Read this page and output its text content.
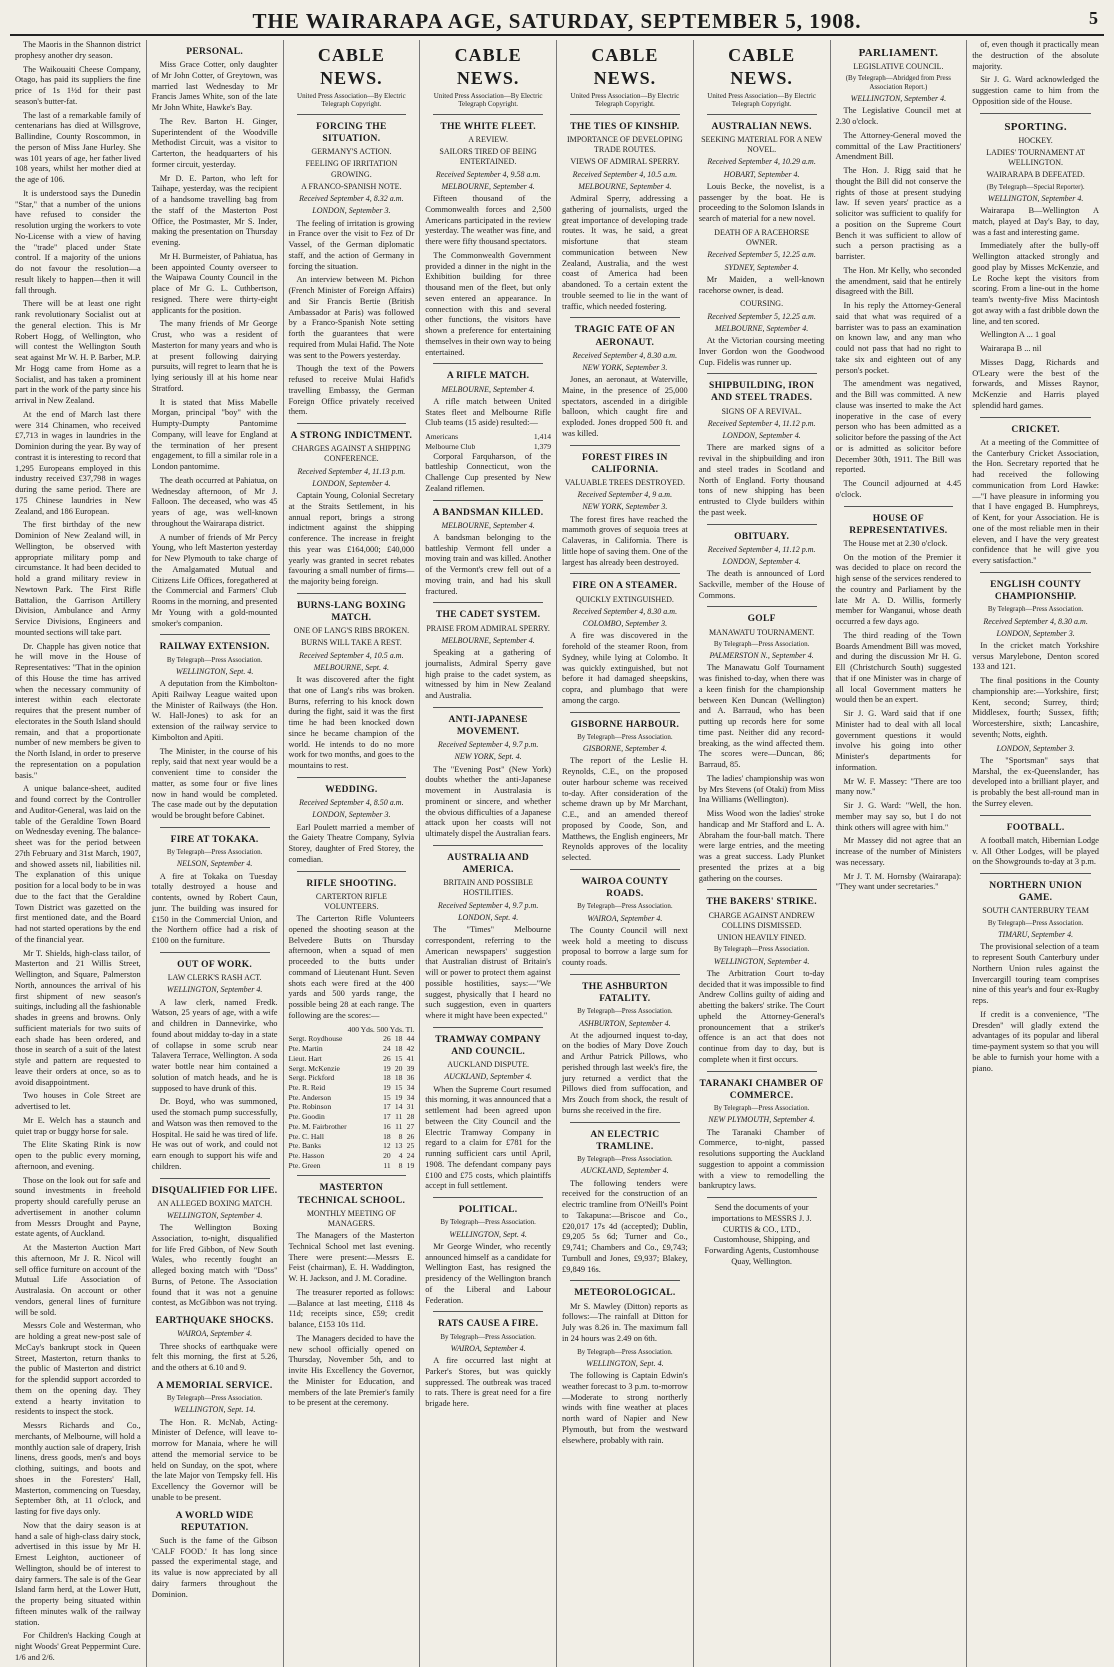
THE WAIRARAPA AGE, SATURDAY, SEPTEMBER 5, 1908.	5

The Maoris in the Shannon district prophesy another dry season.

The Waikouaiti Cheese Company, Otago, has paid its suppliers the fine price of 1s 1½d for their past season's butter-fat.

The last of a remarkable family of centenarians has died at Willsgrove, Ballindine, County Roscommon, in the person of Miss Jane Hurley. She was 101 years of age, her father lived 108 years, whilst her mother died at the age of 106.

It is understood says the Dunedin "Star," that a number of the unions have refused to consider the resolution urging the workers to vote No-License with a view of having the "trade" placed under State control. If a majority of the unions do not favour the resolution—a result likely to happen—then it will fall through.

There will be at least one right rank revolutionary Socialist out at the general election. This is Mr Robert Hogg, of Wellington, who will contest the Wellington South seat against Mr W. H. P. Barber, M.P. Mr Hogg came from Home as a Socialist, and has taken a prominent part in the work of the party since his arrival in New Zealand.

At the end of March last there were 314 Chinamen, who received £7,713 in wages in laundries in the Dominion during the year. By way of contrast it is interesting to record that 1,295 Europeans employed in this industry received £37,798 in wages during the same period. There are 175 Chinese laundries in New Zealand, and 186 European.

The first birthday of the new Dominion of New Zealand will, in Wellington, be observed with appropriate military pomp and circumstance. It had been decided to hold a grand military review in Newtown Park. The First Rifle Battalion, the Garrison Artillery Division, Ambulance and Army Service Divisions, Engineers and mounted sections will take part.

Dr. Chapple has given notice that he will move in the House of Representatives: "That in the opinion of this House the time has arrived when the necessary community of interest within each electorate requires that the present number of electorates in the South Island should remain, and that a proportionate number of new members be given to the North Island, in order to preserve the representation on a population basis."

A unique balance-sheet, audited and found correct by the Controller and Auditor-General, was laid on the table of the Geraldine Town Board on Wednesday evening. The balance-sheet was for the period between 27th February and 31st March, 1907, and showed assets nil, liabilities nil. The explanation of this unique position for a local body to be in was due to the fact that the Geraldine Town District was gazetted on the first mentioned date, and the Board had not started operations by the end of the financial year.

Mr T. Shields, high-class tailor, of Masterton and 21 Willis Street, Wellington, and Square, Palmerston North, announces the arrival of his first shipment of new season's suitings, including all the fashionable shades in greens and browns. Only sufficient materials for two suits of each shade has been ordered, and those in search of a suit of the latest style and pattern are requested to leave their orders at once, so as to avoid disappointment.

Two houses in Cole Street are advertised to let.

Mr E. Welch has a staunch and quiet trap or buggy horse for sale.

The Elite Skating Rink is now open to the public every morning, afternoon, and evening.

Those on the look out for safe and sound investments in freehold property should carefully peruse an advertisement in another column from Messrs Drought and Payne, estate agents, of Auckland.

At the Masterton Auction Mart this afternoon, Mr J. R. Nicol will sell office furniture on account of the Mutual Life Association of Australasia. On account or other vendors, general lines of furniture will be sold.

Messrs Cole and Westerman, who are holding a great new-post sale of McCay's bankrupt stock in Queen Street, Masterton, return thanks to the public of Masterton and district for the splendid support accorded to them on the opening day. They extend a hearty invitation to residents to inspect the stock.

Messrs Richards and Co., merchants, of Melbourne, will hold a monthly auction sale of drapery, Irish linens, dress goods, men's and boys clothing, suitings, and boots and shoes in the Foresters' Hall, Masterton, commencing on Tuesday, September 8th, at 11 o'clock, and lasting for five days only.

Now that the dairy season is at hand a sale of high-class dairy stock, advertised in this issue by Mr H. Ernest Leighton, auctioneer of Wellington, should be of interest to dairy farmers. The sale is of the Gear Island farm herd, at the Lower Hutt, the property being situated within fifteen minutes walk of the railway station.

For Children's Hacking Cough at night Woods' Great Peppermint Cure. 1/6 and 2/6.

PERSONAL.

Miss Grace Cotter, only daughter of Mr John Cotter, of Greytown, was married last Wednesday to Mr Francis James White, son of the late Mr John White, Hawke's Bay.

The Rev. Barton H. Ginger, Superintendent of the Woodville Methodist Circuit, was a visitor to Carterton, the headquarters of his former circuit, yesterday.

Mr D. E. Parton, who left for Taihape, yesterday, was the recipient of a handsome travelling bag from the staff of the Masterton Post Office, the Postmaster, Mr S. Inder, making the presentation on Thursday evening.

Mr H. Burmeister, of Pahiatua, has been appointed County overseer to the Waipawa County Council in the place of Mr G. L. Cuthbertson, resigned. There were thirty-eight applicants for the position.

The many friends of Mr George Crust, who was a resident of Masterton for many years and who is at present following dairying pursuits, will regret to learn that he is lying seriously ill at his home near Stratford.

It is stated that Miss Mabelle Morgan, principal "boy" with the Humpty-Dumpty Pantomime Company, will leave for England at the termination of her present engagement, to fill a similar role in a London pantomime.

The death occurred at Pahiatua, on Wednesday afternoon, of Mr J. Falloon. The deceased, who was 45 years of age, was well-known throughout the Wairarapa district.

A number of friends of Mr Percy Young, who left Masterton yesterday for New Plymouth to take charge of the Amalgamated Mutual and Citizens Life Offices, foregathered at the Commercial and Farmers' Club Rooms in the morning, and presented Mr Young with a gold-mounted smoker's companion.

RAILWAY EXTENSION.
By Telegraph—Press Association.
WELLINGTON, Sept. 4.

A deputation from the Kimbolton-Apiti Railway League waited upon the Minister of Railways (the Hon. W. Hall-Jones) to ask for an extension of the railway service to Kimbolton and Apiti.

The Minister, in the course of his reply, said that next year would be a convenient time to consider the matter, as some four or five lines now in hand would be completed. The case made out by the deputation would be brought before Cabinet.

FIRE AT TOKAKA.
By Telegraph—Press Association.
NELSON, September 4.

A fire at Tokaka on Tuesday totally destroyed a house and contents, owned by Robert Caun, junr. The building was insured for £150 in the Commercial Union, and the Northern office had a risk of £100 on the furniture.

OUT OF WORK.
LAW CLERK'S RASH ACT.
WELLINGTON, September 4.

A law clerk, named Fredk. Watson, 25 years of age, with a wife and children in Dannevirke, who found about midday to-day in a state of collapse in some scrub near Talavera Terrace, Wellington. A soda water bottle near him contained a solution of match heads, and he is supposed to have drunk of this.

Dr. Boyd, who was summoned, used the stomach pump successfully, and Watson was then removed to the Hospital. He said he was tired of life. He was out of work, and could not earn enough to support his wife and children.

DISQUALIFIED FOR LIFE.
AN ALLEGED BOXING MATCH.
WELLINGTON, September 4.

The Wellington Boxing Association, to-night, disqualified for life Fred Gibbon, of New South Wales, who recently fought an alleged boxing match with "Doss" Burns, of Petone. The Association found that it was not a genuine contest, as McGibbon was not trying.

EARTHQUAKE SHOCKS.
WAIROA, September 4.

Three shocks of earthquake were felt this morning, the first at 5.26, and the others at 6.10 and 9.

A MEMORIAL SERVICE.
By Telegraph—Press Association.
WELLINGTON, Sept. 14.

The Hon. R. McNab, Acting-Minister of Defence, will leave to-morrow for Manaia, where he will attend the memorial service to be held on Sunday, on the spot, where the late Major von Tempsky fell. His Excellency the Governor will be unable to be present.

A WORLD WIDE REPUTATION.

Such is the fame of the Gibson 'CALF FOOD.' It has long since passed the experimental stage, and its value is now appreciated by all dairy farmers throughout the Dominion.

CABLE NEWS.
United Press Association—By Electric Telegraph Copyright.
FORCING THE SITUATION.
GERMANY'S ACTION.
FEELING OF IRRITATION GROWING.
A FRANCO-SPANISH NOTE.
Received September 4, 8.32 a.m.
LONDON, September 3.

The feeling of irritation is growing in France over the visit to Fez of Dr Vassel, of the German diplomatic staff, and the action of Germany in forcing the situation.

An interview between M. Pichon (French Minister of Foreign Affairs) and Sir Francis Bertie (British Ambassador at Paris) was followed by a Franco-Spanish Note setting forth the guarantees that were required from Mulai Hafid. The Note was sent to the Powers yesterday.

Though the text of the Powers refused to receive Mulai Hafid's travelling Embassy, the German Foreign Office privately received them.

A STRONG INDICTMENT.
CHARGES AGAINST A SHIPPING CONFERENCE.
Received September 4, 11.13 p.m.
LONDON, September 4.

Captain Young, Colonial Secretary at the Straits Settlement, in his annual report, brings a strong indictment against the shipping conference. The increase in freight this year was £164,000; £40,000 yearly was granted in secret rebates favouring a small number of firms—the majority being foreign.

BURNS-LANG BOXING MATCH.
ONE OF LANG'S RIBS BROKEN.
BURNS WILL TAKE A REST.
Received September 4, 10.5 a.m.
MELBOURNE, Sept. 4.

It was discovered after the fight that one of Lang's ribs was broken. Burns, referring to his knock down during the fight, said it was the first time he had been knocked down since he became champion of the world. He intends to do no more work for two months, and goes to the mountains to rest.

WEDDING.
Received September 4, 8.50 a.m.
LONDON, September 3.

Earl Poulett married a member of the Gaiety Theatre Company, Sylvia Storey, daughter of Fred Storey, the comedian.

RIFLE SHOOTING.
CARTERTON RIFLE VOLUNTEERS.

The Carterton Rifle Volunteers opened the shooting season at the Belvedere Butts on Thursday afternoon, when a squad of men proceeded to the butts under command of Lieutenant Hunt. Seven shots each were fired at the 400 yards and 500 yards range, the possible being 28 at each range. The following are the scores:—

400 Yds. 500 Yds. Tl.
Sergt. Roydhouse	26	18	44
Pte. Martin	24	18	42
Lieut. Hart	26	15	41
Sergt. McKenzie	19	20	39
Sergt. Pickford	18	18	36
Pte. R. Reid	19	15	34
Pte. Anderson	15	19	34
Pte. Robinson	17	14	31
Pte. Goodin	17	11	28
Pte. M. Fairbrother	16	11	27
Pte. C. Hall	18	8	26
Pte. Banks	12	13	25
Pte. Hasson	20	4	24
Pte. Green	11	8	19
MASTERTON TECHNICAL SCHOOL.
MONTHLY MEETING OF MANAGERS.

The Managers of the Masterton Technical School met last evening. There were present:—Messrs E. Feist (chairman), E. H. Waddington, W. H. Jackson, and J. M. Coradine.

The treasurer reported as follows:—Balance at last meeting, £118 4s 11d; receipts since, £59; credit balance, £153 10s 11d.

The Managers decided to have the new school officially opened on Thursday, November 5th, and to invite His Excellency the Governor, the Minister for Education, and members of the late Premier's family to be present at the ceremony.

CABLE NEWS.
United Press Association—By Electric Telegraph Copyright.
THE WHITE FLEET.
A REVIEW.
SAILORS TIRED OF BEING ENTERTAINED.
Received September 4, 9.58 a.m.
MELBOURNE, September 4.

Fifteen thousand of the Commonwealth forces and 2,500 Americans participated in the review yesterday. The weather was fine, and there were fifty thousand spectators.

The Commonwealth Government provided a dinner in the night in the Exhibition building for three thousand men of the fleet, but only seven entered an appearance. In connection with this and several other functions, the visitors have shown a preference for entertaining themselves in their own way to being entertained.

A RIFLE MATCH.
MELBOURNE, September 4.

A rifle match between United States fleet and Melbourne Rifle Club teams (15 aside) resulted:—

Americans	1,414
Melbourne Club	1,379

Corporal Farquharson, of the battleship Connecticut, won the Challenge Cup presented by New Zealand riflemen.

A BANDSMAN KILLED.
MELBOURNE, September 4.

A bandsman belonging to the battleship Vermont fell under a moving train and was killed. Another of the Vermont's crew fell out of a moving train, and had his skull fractured.

THE CADET SYSTEM.
PRAISE FROM ADMIRAL SPERRY.
MELBOURNE, September 4.

Speaking at a gathering of journalists, Admiral Sperry gave high praise to the cadet system, as witnessed by him in New Zealand and Australia.

ANTI-JAPANESE MOVEMENT.
Received September 4, 9.7 p.m.
NEW YORK, Sept. 4.

The "Evening Post" (New York) doubts whether the anti-Japanese movement in Australasia is prominent or sincere, and whether the obvious difficulties of a Japanese attack upon her coasts will not ultimately dispel the Australian fears.

AUSTRALIA AND AMERICA.
BRITAIN AND POSSIBLE HOSTILITIES.
Received September 4, 9.7 p.m.
LONDON, Sept. 4.

The "Times" Melbourne correspondent, referring to the American newspapers' suggestion that Australian distrust of Britain's will or power to protect them against possible hostilities, says:—"We suggest, physically that I heard no such suggestion, even in quarters where it might have been expected."

TRAMWAY COMPANY AND COUNCIL.
AUCKLAND DISPUTE.
AUCKLAND, September 4.

When the Supreme Court resumed this morning, it was announced that a settlement had been agreed upon between the City Council and the Electric Tramway Company in regard to a claim for £781 for the running sufficient cars until April, 1908. The defendant company pays £100 and £75 costs, which plaintiffs accept in full settlement.

POLITICAL.
By Telegraph—Press Association.
WELLINGTON, Sept. 4.

Mr George Winder, who recently announced himself as a candidate for Wellington East, has resigned the presidency of the Wellington branch of the Liberal and Labour Federation.

RATS CAUSE A FIRE.
By Telegraph—Press Association.
WAIROA, September 4.

A fire occurred last night at Parker's Stores, but was quickly suppressed. The outbreak was traced to rats. There is great need for a fire brigade here.

CABLE NEWS.
United Press Association—By Electric Telegraph Copyright.
THE TIES OF KINSHIP.
IMPORTANCE OF DEVELOPING TRADE ROUTES.
VIEWS OF ADMIRAL SPERRY.
Received September 4, 10.5 a.m.
MELBOURNE, September 4.

Admiral Sperry, addressing a gathering of journalists, urged the great importance of developing trade routes. It was, he said, a great misfortune that steam communication between New Zealand, Australia, and the west coast of America had been abandoned. To a certain extent the trouble seemed to lie in the want of traffic, which needed fostering.

TRAGIC FATE OF AN AERONAUT.
Received September 4, 8.30 a.m.
NEW YORK, September 3.

Jones, an aeronaut, at Waterville, Maine, in the presence of 25,000 spectators, ascended in a dirigible balloon, which caught fire and exploded. Jones dropped 500 ft. and was killed.

FOREST FIRES IN CALIFORNIA.
VALUABLE TREES DESTROYED.
Received September 4, 9 a.m.
NEW YORK, September 3.

The forest fires have reached the mammoth groves of sequoia trees at Calaveras, in California. There is little hope of saving them. One of the largest has already been destroyed.

FIRE ON A STEAMER.
QUICKLY EXTINGUISHED.
Received September 4, 8.30 a.m.
COLOMBO, September 3.

A fire was discovered in the forehold of the steamer Roon, from Sydney, while lying at Colombo. It was quickly extinguished, but not before it had damaged sheepskins, copra, and plumbago that were among the cargo.

GISBORNE HARBOUR.
By Telegraph—Press Association.
GISBORNE, September 4.

The report of the Leslie H. Reynolds, C.E., on the proposed outer harbour scheme was received to-day. After consideration of the scheme drawn up by Mr Marchant, C.E., and an amended thereof proposed by Coode, Son, and Matthews, the English engineers, Mr Reynolds approves of the locality selected.

WAIROA COUNTY ROADS.
By Telegraph—Press Association.
WAIROA, September 4.

The County Council will next week hold a meeting to discuss proposal to borrow a large sum for county roads.

THE ASHBURTON FATALITY.
By Telegraph—Press Association.
ASHBURTON, September 4.

At the adjourned inquest to-day, on the bodies of Mary Dove Zouch and Arthur Patrick Pillows, who perished through last week's fire, the jury returned a verdict that the Pillows died from suffocation, and Mrs Zouch from shock, the result of burns she received in the fire.

AN ELECTRIC TRAMLINE.
By Telegraph—Press Association.
AUCKLAND, September 4.

The following tenders were received for the construction of an electric tramline from O'Neill's Point to Takapuna:—Briscoe and Co., £20,017 17s 4d (accepted); Dublin, £9,205 5s 6d; Turner and Co., £9,741; Chambers and Co., £9,743; Turnbull and Jones, £9,937; Blakey, £9,849 16s.

METEOROLOGICAL.

Mr S. Mawley (Ditton) reports as follows:—The rainfall at Ditton for July was 8.26 in. The maximum fall in 24 hours was 2.49 on 6th.

By Telegraph—Press Association.
WELLINGTON, Sept. 4.

The following is Captain Edwin's weather forecast to 3 p.m. to-morrow—Moderate to strong northerly winds with fine weather at places north ward of Napier and New Plymouth, but from the westward elsewhere, probably with rain.

CABLE NEWS.
United Press Association—By Electric Telegraph Copyright.
AUSTRALIAN NEWS.
SEEKING MATERIAL FOR A NEW NOVEL.
Received September 4, 10.29 a.m.
HOBART, September 4.

Louis Becke, the novelist, is a passenger by the boat. He is proceeding to the Solomon Islands in search of material for a new novel.

DEATH OF A RACEHORSE OWNER.
Received September 5, 12.25 a.m.
SYDNEY, September 4.

Mr Maiden, a well-known racehorse owner, is dead.

COURSING.
Received September 5, 12.25 a.m.
MELBOURNE, September 4.

At the Victorian coursing meeting Inver Gordon won the Goodwood Cup. Fidelis was runner up.

SHIPBUILDING, IRON AND STEEL TRADES.
SIGNS OF A REVIVAL.
Received September 4, 11.12 p.m.
LONDON, September 4.

There are marked signs of a revival in the shipbuilding and iron and steel trades in Scotland and North of England. Forty thousand tons of new shipping has been entrusted to Clyde builders within the past week.

OBITUARY.
Received September 4, 11.12 p.m.
LONDON, September 4.

The death is announced of Lord Sackville, member of the House of Commons.

GOLF
MANAWATU TOURNAMENT.
By Telegraph—Press Association.
PALMERSTON N., September 4.

The Manawatu Golf Tournament was finished to-day, when there was a keen finish for the championship between Ken Duncan (Wellington) and A. Barraud, who has been putting up records here for some time past. Neither did any record-breaking, as the wind affected them. The scores were—Duncan, 86; Barraud, 85.

The ladies' championship was won by Mrs Stevens (of Otaki) from Miss Ina Williams (Wellington).

Miss Wood won the ladies' stroke handicap and Mr Stafford and L. A. Abraham the four-ball match. There were large entries, and the meeting was a great success. Lady Plunket presented the prizes at a big gathering on the courses.

THE BAKERS' STRIKE.
CHARGE AGAINST ANDREW COLLINS DISMISSED.
UNION HEAVILY FINED.
By Telegraph—Press Association.
WELLINGTON, September 4.

The Arbitration Court to-day decided that it was impossible to find Andrew Collins guilty of aiding and abetting the bakers' strike. The Court upheld the Attorney-General's pronouncement that a striker's offence is an act that does not continue from day to day, but is complete when it first occurs.

TARANAKI CHAMBER OF COMMERCE.
By Telegraph—Press Association.
NEW PLYMOUTH, September 4.

The Taranaki Chamber of Commerce, to-night, passed resolutions supporting the Auckland suggestion to appoint a commission with a view to remodelling the bankruptcy laws.

Send the documents of your importations to MESSRS J. J. CURTIS & CO., LTD., Customhouse, Shipping, and Forwarding Agents, Customhouse Quay, Wellington.

PARLIAMENT.
LEGISLATIVE COUNCIL.
(By Telegraph—Abridged from Press Association Report.)
WELLINGTON, September 4.

The Legislative Council met at 2.30 o'clock.

The Attorney-General moved the committal of the Law Practitioners' Amendment Bill.

The Hon. J. Rigg said that he thought the Bill did not conserve the rights of those at present studying law. If seven years' practice as a solicitor was sufficient to qualify for a position on the Supreme Court Bench it was sufficient to allow of such a person practising as a barrister.

The Hon. Mr Kelly, who seconded the amendment, said that he entirely disagreed with the Bill.

In his reply the Attorney-General said that what was required of a barrister was to pass an examination on known law, and any man who could not pass that had no right to take six and eighteen out of any person's pocket.

The amendment was negatived, and the Bill was committed. A new clause was inserted to make the Act inoperative in the case of every person who has been admitted as a solicitor before the passing of the Act or is admitted as solicitor before December 30th, 1911. The Bill was reported.

The Council adjourned at 4.45 o'clock.

HOUSE OF REPRESENTATIVES.

The House met at 2.30 o'clock.

On the motion of the Premier it was decided to place on record the high sense of the services rendered to the country and Parliament by the late Mr A. D. Willis, formerly member for Wanganui, whose death occurred a few days ago.

The third reading of the Town Boards Amendment Bill was moved, and during the discussion Mr H. G. Ell (Christchurch South) suggested that if one Minister was in charge of all local Government matters he would then be an expert.

Sir J. G. Ward said that if one Minister had to deal with all local government questions it would involve his going into other Minister's departments for information.

Mr W. F. Massey: "There are too many now."

Sir J. G. Ward: "Well, the hon. member may say so, but I do not think others will agree with him."

Mr Massey did not agree that an increase of the number of Ministers was necessary.

Mr J. T. M. Hornsby (Wairarapa): "They want under secretaries."

of, even though it practically mean the destruction of the absolute majority.

Sir J. G. Ward acknowledged the suggestion came to him from the Opposition side of the House.

SPORTING.
HOCKEY.
LADIES' TOURNAMENT AT WELLINGTON.
WAIRARAPA B DEFEATED.
(By Telegraph—Special Reporter).
WELLINGTON, September 4.

Wairarapa B—Wellington A match, played at Day's Bay, to day, was a fast and interesting game.

Immediately after the bully-off Wellington attacked strongly and good play by Misses McKenzie, and Le Roche kept the visitors from scoring. From a line-out in the home team's twenty-five Miss Macintosh got away with a fast dribble down the line, and ten scored.

Wellington A ... 1 goal

Wairarapa B ... nil

Misses Dagg, Richards and O'Leary were the best of the forwards, and Misses Raynor, McKenzie and Harris played splendid hard games.

CRICKET.

At a meeting of the Committee of the Canterbury Cricket Association, the Hon. Secretary reported that he had received the following communication from Lord Hawke:—"I have pleasure in informing you that I have engaged B. Humphreys, of Kent, for your Association. He is one of the most reliable men in their eleven, and I have the very greatest confidence that he will give you every satisfaction."

ENGLISH COUNTY CHAMPIONSHIP.
By Telegraph—Press Association.
Received September 4, 8.30 a.m.
LONDON, September 3.

In the cricket match Yorkshire versus Marylebone, Denton scored 133 and 121.

The final positions in the County championship are:—Yorkshire, first; Kent, second; Surrey, third; Middlesex, fourth; Sussex, fifth; Worcestershire, sixth; Lancashire, seventh; Notts, eighth.

LONDON, September 3.

The "Sportsman" says that Marshal, the ex-Queenslander, has developed into a brilliant player, and is probably the best all-round man in the Surrey eleven.

FOOTBALL.

A football match, Hibernian Lodge v. All Other Lodges, will be played on the Showgrounds to-day at 3 p.m.

NORTHERN UNION GAME.
SOUTH CANTERBURY TEAM
By Telegraph—Press Association.
TIMARU, September 4.

The provisional selection of a team to represent South Canterbury under Northern Union rules against the Invercargill touring team comprises nine of this year's and four ex-Rugby reps.

If credit is a convenience, "The Dresden" will gladly extend the advantages of its popular and liberal time-payment system so that you will be able to furnish your home with a piano.
